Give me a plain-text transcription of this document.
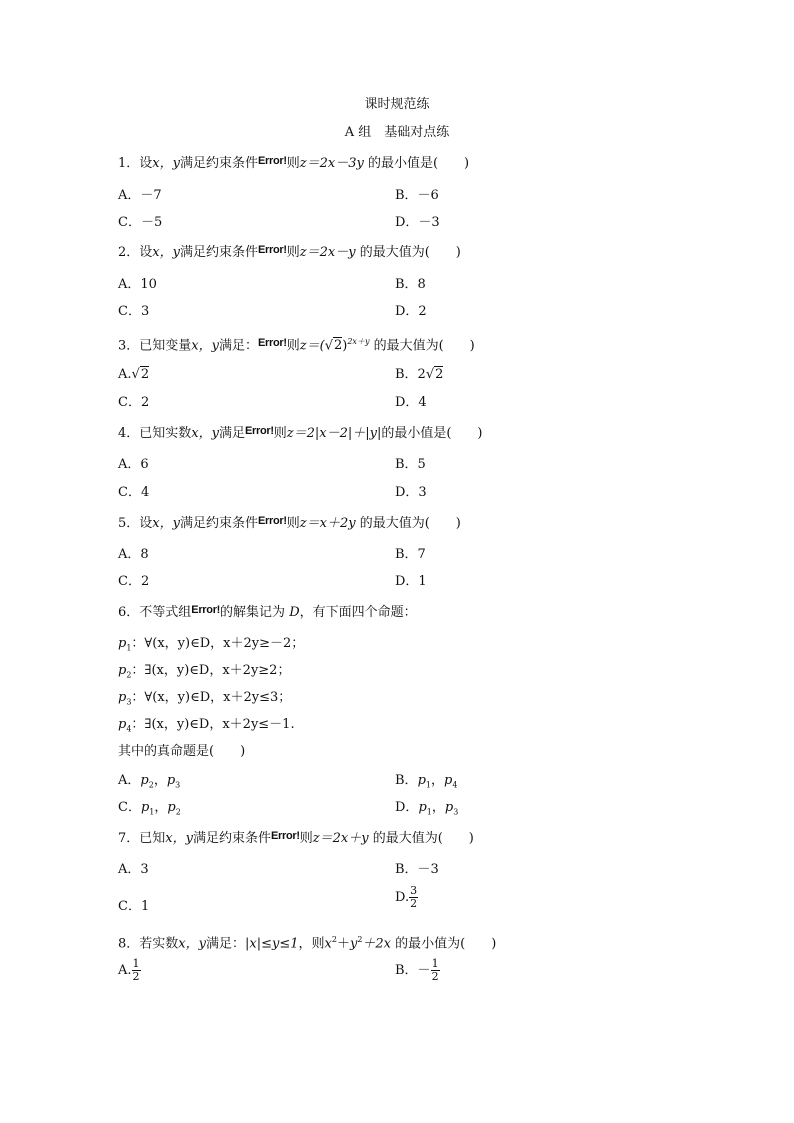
课时规范练
A 组　基础对点练
1．设x，y满足约束条件$^{Error!}$则z＝2x－3y 的最小值是(　　)
A．－7	B．－6
C．－5	D．－3
2．设x，y满足约束条件$^{Error!}$则z＝2x－y 的最大值为(　　)
A．10	B．8
C．3	D．2
3．已知变量x，y满足：$^{Error!}$则$z=(√2)^{2x+y}$ 的最大值为(　　)
A.√2	B．2√2
C．2	D．4
4．已知实数x，y满足$^{Error!}$则z＝2|x－2|＋|y|的最小值是(　　)
A．6	B．5
C．4	D．3
5．设x，y满足约束条件$^{Error!}$则z＝x＋2y 的最大值为(　　)
A．8	B．7
C．2	D．1
6．不等式组$^{Error!}$的解集记为 D，有下面四个命题：
$p_1$：∀(x，y)∈D，x＋2y≥－2；
$p_2$：∃(x，y)∈D，x＋2y≥2；
$p_3$：∀(x，y)∈D，x＋2y≤3；
$p_4$：∃(x，y)∈D，x＋2y≤－1.
其中的真命题是(　　)
A．$p_2$，$p_3$	B．$p_1$，$p_4$
C．$p_1$，$p_2$	D．$p_1$，$p_3$
7．已知x，y满足约束条件$^{Error!}$则z＝2x＋y 的最大值为(　　)
A．3	B．－3
C．1
D. $\frac{3}{2}$
8．若实数x，y满足：|x|≤y≤1，则$x^2+y^2+2x$ 的最小值为(　　)
A. $\frac{1}{2}$	B．－ $\frac{1}{2}$
